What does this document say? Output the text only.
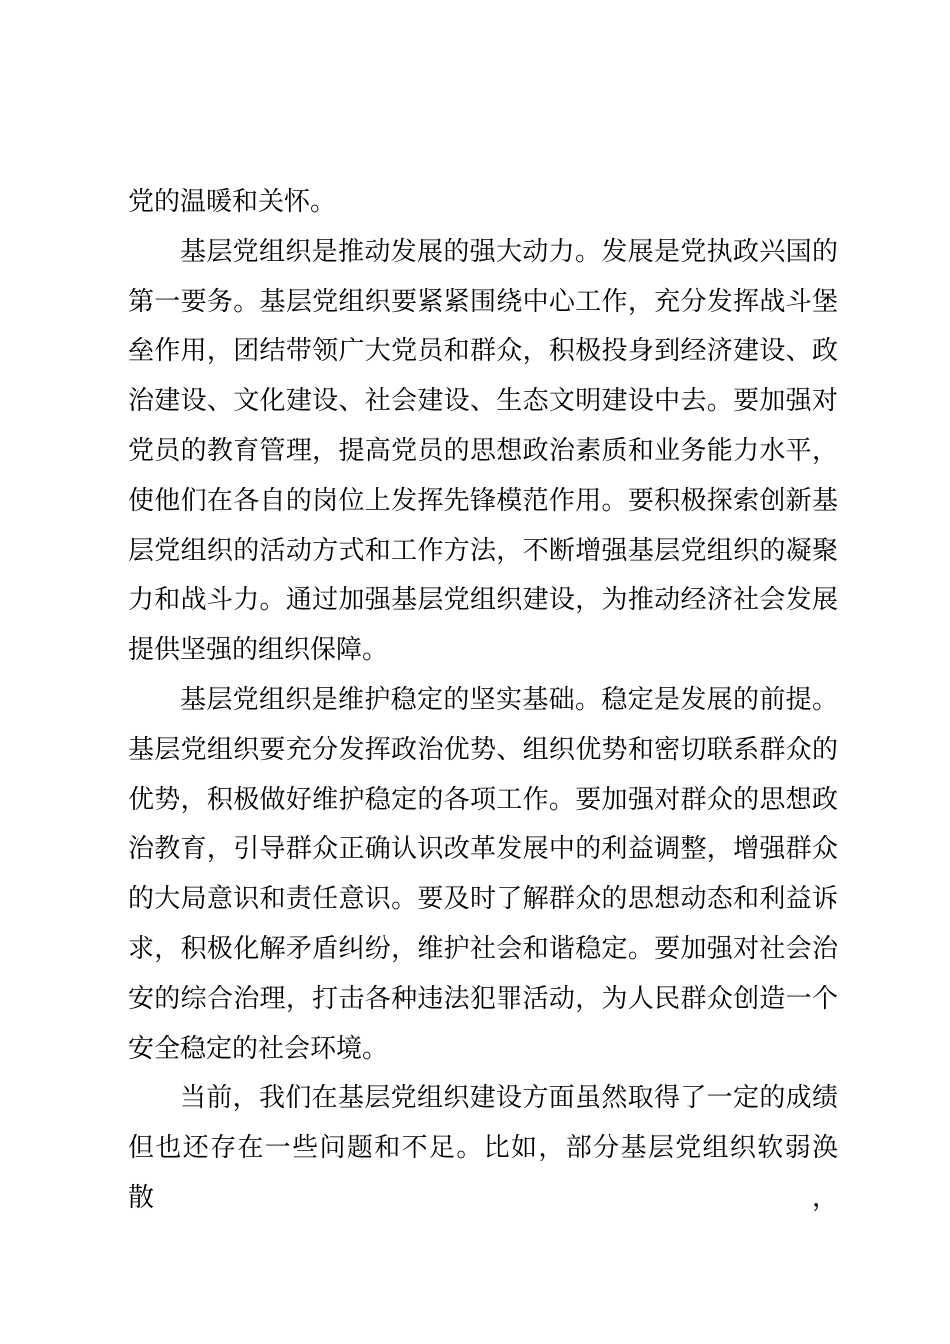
党的温暖和关怀。
基层党组织是推动发展的强大动力。发展是党执政兴国的
第一要务。基层党组织要紧紧围绕中心工作，充分发挥战斗堡
垒作用，团结带领广大党员和群众，积极投身到经济建设、政
治建设、文化建设、社会建设、生态文明建设中去。要加强对
党员的教育管理，提高党员的思想政治素质和业务能力水平，
使他们在各自的岗位上发挥先锋模范作用。要积极探索创新基
层党组织的活动方式和工作方法，不断增强基层党组织的凝聚
力和战斗力。通过加强基层党组织建设，为推动经济社会发展
提供坚强的组织保障。
基层党组织是维护稳定的坚实基础。稳定是发展的前提。
基层党组织要充分发挥政治优势、组织优势和密切联系群众的
优势，积极做好维护稳定的各项工作。要加强对群众的思想政
治教育，引导群众正确认识改革发展中的利益调整，增强群众
的大局意识和责任意识。要及时了解群众的思想动态和利益诉
求，积极化解矛盾纠纷，维护社会和谐稳定。要加强对社会治
安的综合治理，打击各种违法犯罪活动，为人民群众创造一个
安全稳定的社会环境。
当前，我们在基层党组织建设方面虽然取得了一定的成绩
但也还存在一些问题和不足。比如，部分基层党组织软弱涣散，
